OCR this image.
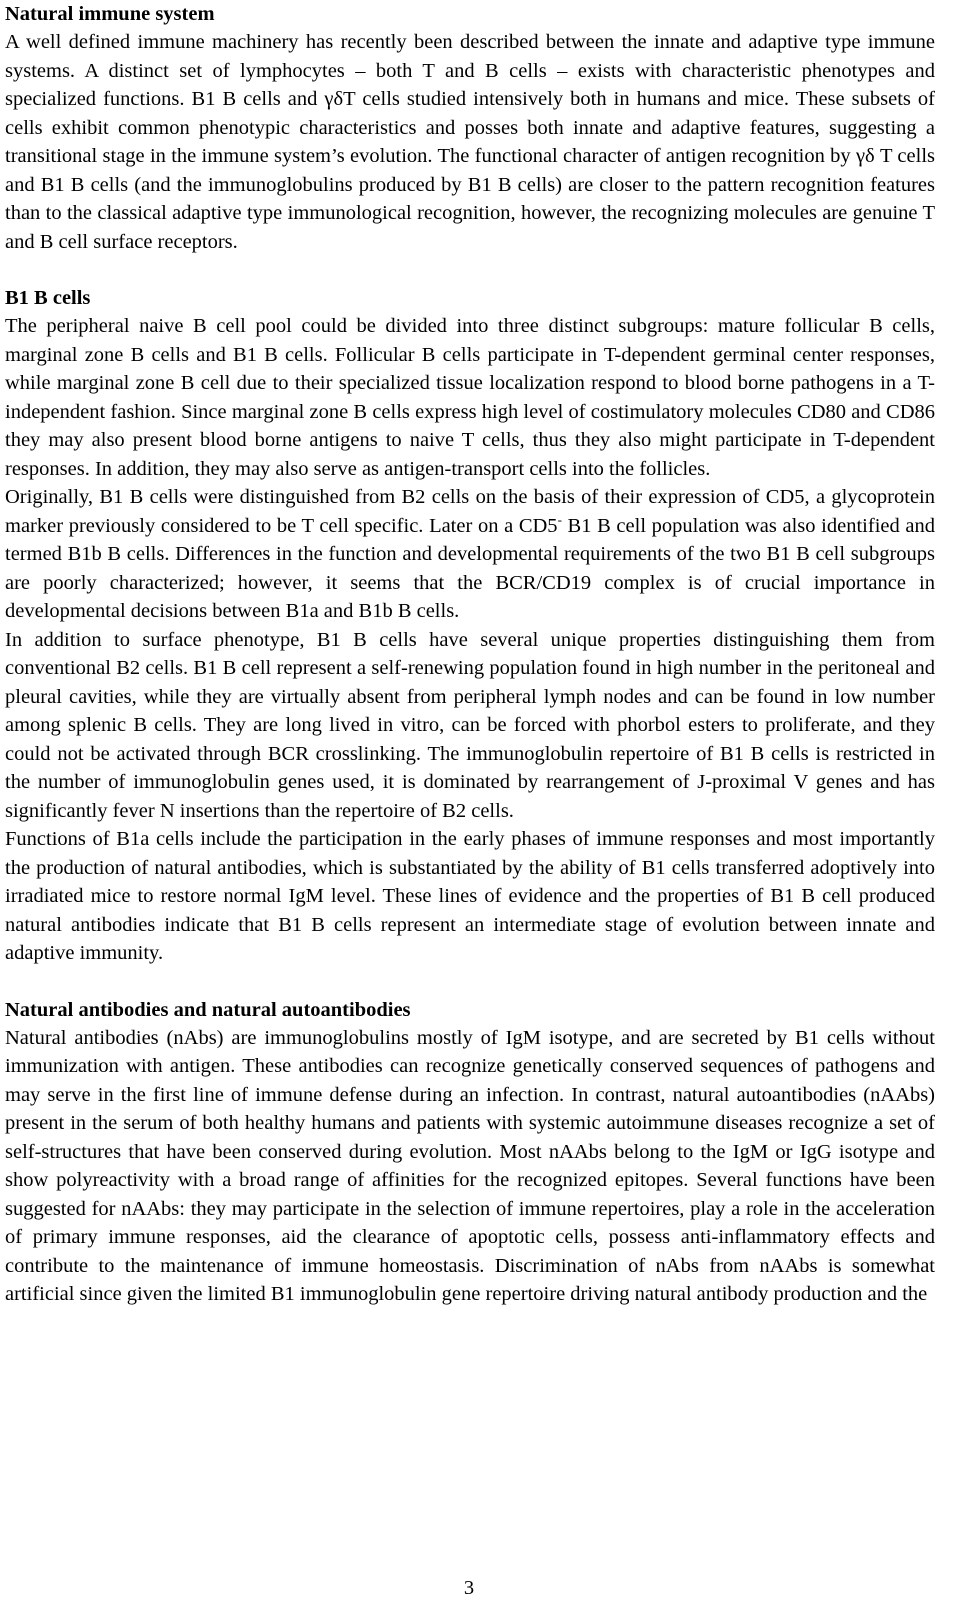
Natural immune system

A well defined immune machinery has recently been described between the innate and adaptive type immune systems. A distinct set of lymphocytes – both T and B cells – exists with characteristic phenotypes and specialized functions. B1 B cells and γδT cells studied intensively both in humans and mice. These subsets of cells exhibit common phenotypic characteristics and posses both innate and adaptive features, suggesting a transitional stage in the immune system’s evolution. The functional character of antigen recognition by γδ T cells and B1 B cells (and the immunoglobulins produced by B1 B cells) are closer to the pattern recognition features than to the classical adaptive type immunological recognition, however, the recognizing molecules are genuine T and B cell surface receptors.

B1 B cells

The peripheral naive B cell pool could be divided into three distinct subgroups: mature follicular B cells, marginal zone B cells and B1 B cells. Follicular B cells participate in T-dependent germinal center responses, while marginal zone B cell due to their specialized tissue localization respond to blood borne pathogens in a T-independent fashion. Since marginal zone B cells express high level of costimulatory molecules CD80 and CD86 they may also present blood borne antigens to naive T cells, thus they also might participate in T-dependent responses. In addition, they may also serve as antigen-transport cells into the follicles.

Originally, B1 B cells were distinguished from B2 cells on the basis of their expression of CD5, a glycoprotein marker previously considered to be T cell specific. Later on a CD5- B1 B cell population was also identified and termed B1b B cells. Differences in the function and developmental requirements of the two B1 B cell subgroups are poorly characterized; however, it seems that the BCR/CD19 complex is of crucial importance in developmental decisions between B1a and B1b B cells.

In addition to surface phenotype, B1 B cells have several unique properties distinguishing them from conventional B2 cells. B1 B cell represent a self-renewing population found in high number in the peritoneal and pleural cavities, while they are virtually absent from peripheral lymph nodes and can be found in low number among splenic B cells. They are long lived in vitro, can be forced with phorbol esters to proliferate, and they could not be activated through BCR crosslinking. The immunoglobulin repertoire of B1 B cells is restricted in the number of immunoglobulin genes used, it is dominated by rearrangement of J-proximal V genes and has significantly fever N insertions than the repertoire of B2 cells.

Functions of B1a cells include the participation in the early phases of immune responses and most importantly the production of natural antibodies, which is substantiated by the ability of B1 cells transferred adoptively into irradiated mice to restore normal IgM level. These lines of evidence and the properties of B1 B cell produced natural antibodies indicate that B1 B cells represent an intermediate stage of evolution between innate and adaptive immunity.

Natural antibodies and natural autoantibodies

Natural antibodies (nAbs) are immunoglobulins mostly of IgM isotype, and are secreted by B1 cells without immunization with antigen. These antibodies can recognize genetically conserved sequences of pathogens and may serve in the first line of immune defense during an infection. In contrast, natural autoantibodies (nAAbs) present in the serum of both healthy humans and patients with systemic autoimmune diseases recognize a set of self-structures that have been conserved during evolution. Most nAAbs belong to the IgM or IgG isotype and show polyreactivity with a broad range of affinities for the recognized epitopes. Several functions have been suggested for nAAbs: they may participate in the selection of immune repertoires, play a role in the acceleration of primary immune responses, aid the clearance of apoptotic cells, possess anti-inflammatory effects and contribute to the maintenance of immune homeostasis. Discrimination of nAbs from nAAbs is somewhat artificial since given the limited B1 immunoglobulin gene repertoire driving natural antibody production and the

3
